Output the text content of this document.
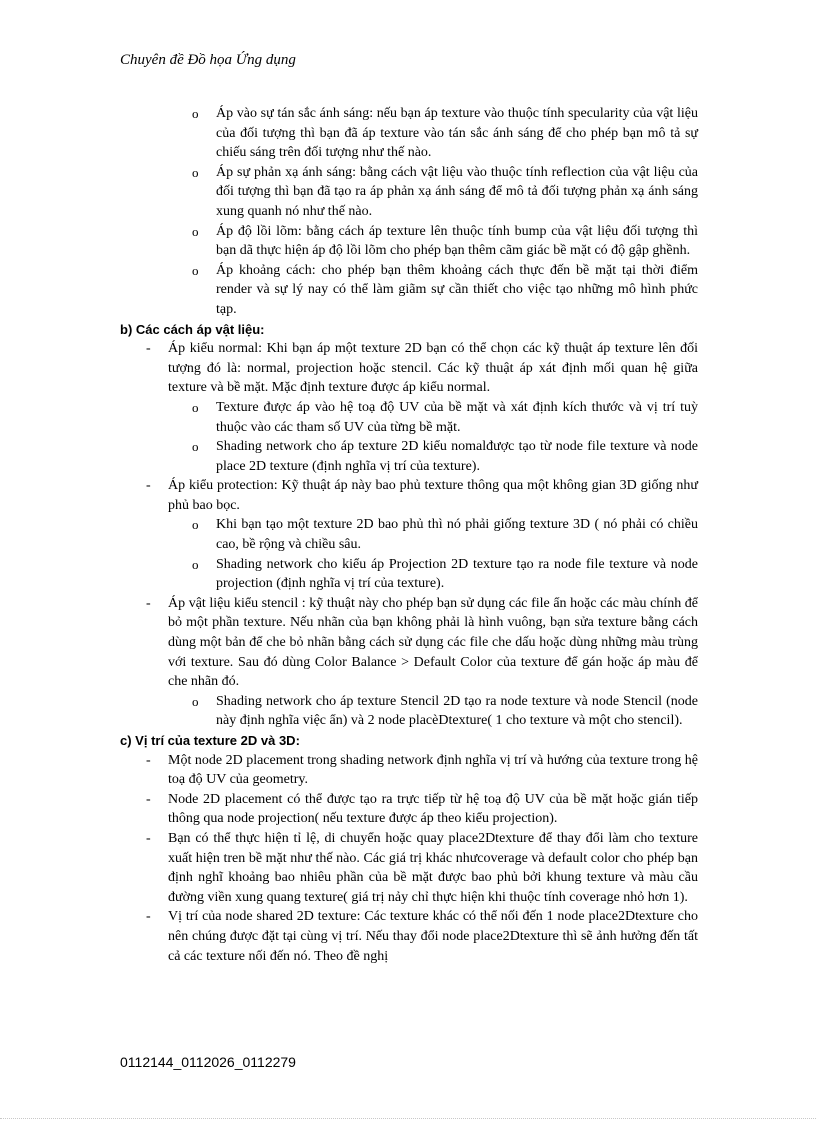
Chuyên đề Đồ họa Ứng dụng
o Áp vào sự tán sắc ánh sáng: nếu bạn áp texture vào thuộc tính specularity của vật liệu của đối tượng thì bạn đã áp texture vào tán sắc ánh sáng để cho phép bạn mô tả sự chiếu sáng trên đối tượng như thế nào.
o Áp sự phản xạ ánh sáng: bằng cách vật liệu vào thuộc tính reflection của vật liệu của đối tượng thì bạn đã tạo ra áp phản xạ ánh sáng để mô tả đối tượng phản xạ ánh sáng xung quanh nó như thế nào.
o Áp độ lồi lõm: bằng cách áp texture lên thuộc tính bump của vật liệu đối tượng thì bạn dã thực hiện áp độ lồi lõm cho phép bạn thêm cãm giác bề mặt có độ gập ghềnh.
o Áp khoảng cách: cho phép bạn thêm khoảng cách thực đến bề mặt tại thời điểm render và sự lý nay có thể làm giãm sự cần thiết cho việc tạo những mô hình phức tạp.
b) Các cách áp vật liệu:
- Áp kiểu normal: Khi bạn áp một texture 2D bạn có thể chọn các kỹ thuật áp texture lên đối tượng đó là: normal, projection hoặc stencil. Các kỹ thuật áp xát định mối quan hệ giữa texture và bề mặt. Mặc định texture được áp kiểu normal.
o Texture được áp vào hệ toạ độ UV của bề mặt và xát định kích thước và vị trí tuỳ thuộc vào các tham số UV của từng bề mặt.
o Shading network cho áp texture 2D kiểu nomalđược tạo từ node file texture và node place 2D texture (định nghĩa vị trí của texture).
- Áp kiểu protection: Kỹ thuật áp này bao phủ texture thông qua một không gian 3D giống như phủ bao bọc.
o Khi bạn tạo một texture 2D bao phủ thì nó phải giống texture 3D ( nó phải có chiều cao, bề rộng và chiều sâu.
o Shading network cho kiểu áp Projection 2D texture tạo ra node file texture và node projection (định nghĩa vị trí của texture).
- Áp vật liệu kiểu stencil : kỹ thuật này cho phép bạn sử dụng các file ẩn hoặc các màu chính để bỏ một phần texture. Nếu nhãn của bạn không phải là hình vuông, bạn sửa texture bằng cách dùng một bản để che bỏ nhãn bằng cách sử dụng các file che dấu hoặc dùng những màu trùng với texture. Sau đó dùng Color Balance > Default Color của texture để gán hoặc áp màu để che nhãn đó.
o Shading network cho áp texture Stencil 2D tạo ra node texture và node Stencil (node này định nghĩa việc ẩn) và 2 node placèDtexture( 1 cho texture và một cho stencil).
c) Vị trí của texture 2D và 3D:
- Một node 2D placement trong shading network định nghĩa vị trí và hướng của texture trong hệ toạ độ UV của geometry.
- Node 2D placement có thể được tạo ra trực tiếp từ hệ toạ độ UV của bề mặt hoặc gián tiếp thông qua node projection( nếu texture được áp theo kiểu projection).
- Bạn có thể thực hiện tỉ lệ, di chuyển hoặc quay place2Dtexture để thay đổi làm cho texture xuất hiện tren bề mặt như thế nào. Các giá trị khác nhưcoverage và default color cho phép bạn định nghĩ khoảng bao nhiêu phần của bề mặt được bao phủ bởi khung texture và màu cầu đường viền xung quang texture( giá trị nảy chỉ thực hiện khi thuộc tính coverage nhỏ hơn 1).
- Vị trí của node shared 2D texture: Các texture khác có thể nối đến 1 node place2Dtexture cho nên chúng được đặt tại cùng vị trí. Nếu thay đổi node place2Dtexture thì sẽ ảnh hưởng đến tất cả các texture nối đến nó. Theo đề nghị
0112144_0112026_0112279
